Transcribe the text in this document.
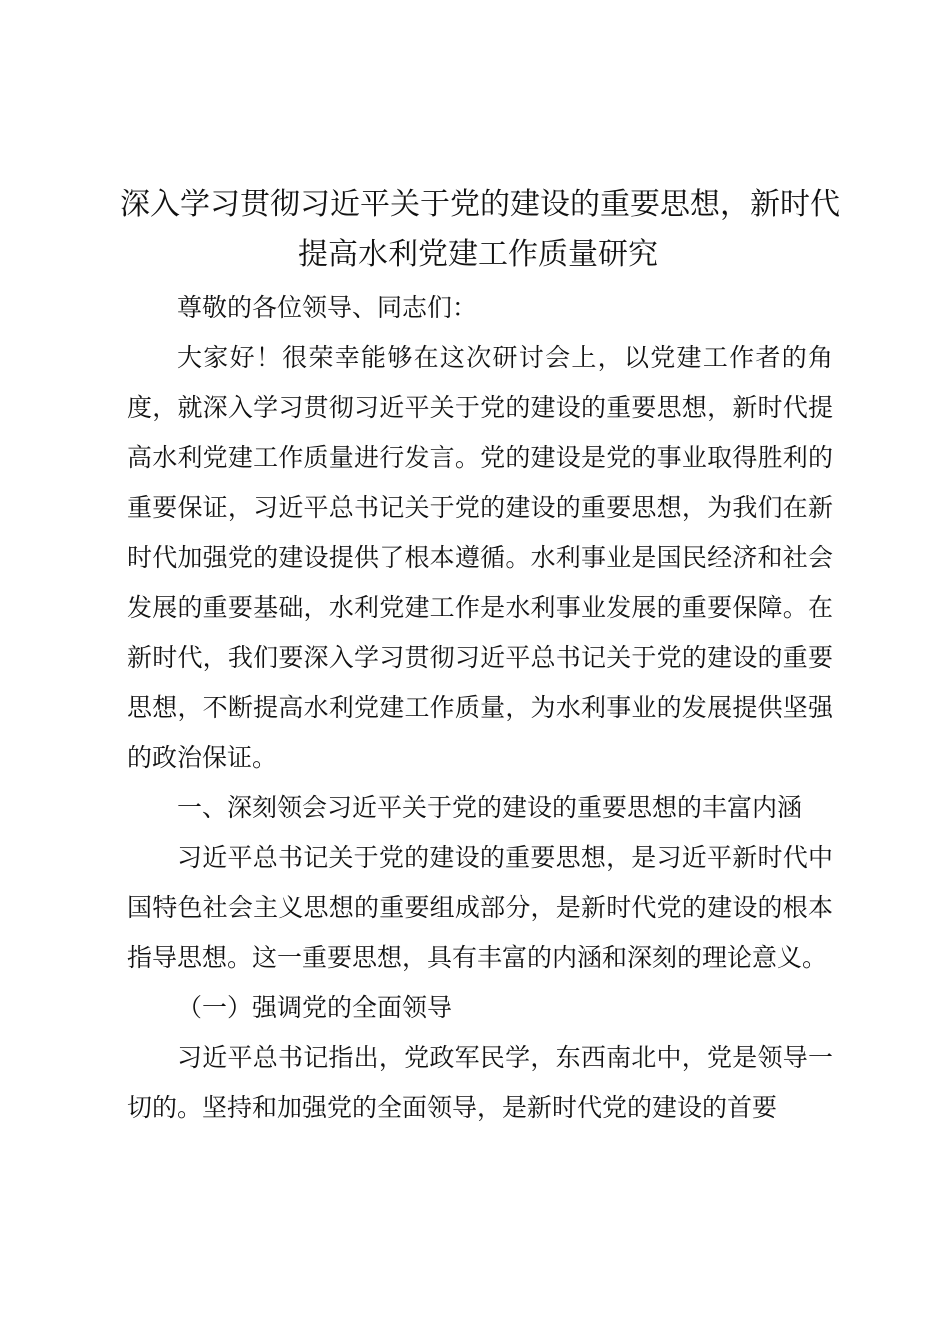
深入学习贯彻习近平关于党的建设的重要思想，新时代
提高水利党建工作质量研究

尊敬的各位领导、同志们：

大家好！很荣幸能够在这次研讨会上，以党建工作者的角度，就深入学习贯彻习近平关于党的建设的重要思想，新时代提高水利党建工作质量进行发言。党的建设是党的事业取得胜利的重要保证，习近平总书记关于党的建设的重要思想，为我们在新时代加强党的建设提供了根本遵循。水利事业是国民经济和社会发展的重要基础，水利党建工作是水利事业发展的重要保障。在新时代，我们要深入学习贯彻习近平总书记关于党的建设的重要思想，不断提高水利党建工作质量，为水利事业的发展提供坚强的政治保证。

一、深刻领会习近平关于党的建设的重要思想的丰富内涵

习近平总书记关于党的建设的重要思想，是习近平新时代中国特色社会主义思想的重要组成部分，是新时代党的建设的根本指导思想。这一重要思想，具有丰富的内涵和深刻的理论意义。

（一）强调党的全面领导

习近平总书记指出，党政军民学，东西南北中，党是领导一切的。坚持和加强党的全面领导，是新时代党的建设的首要
